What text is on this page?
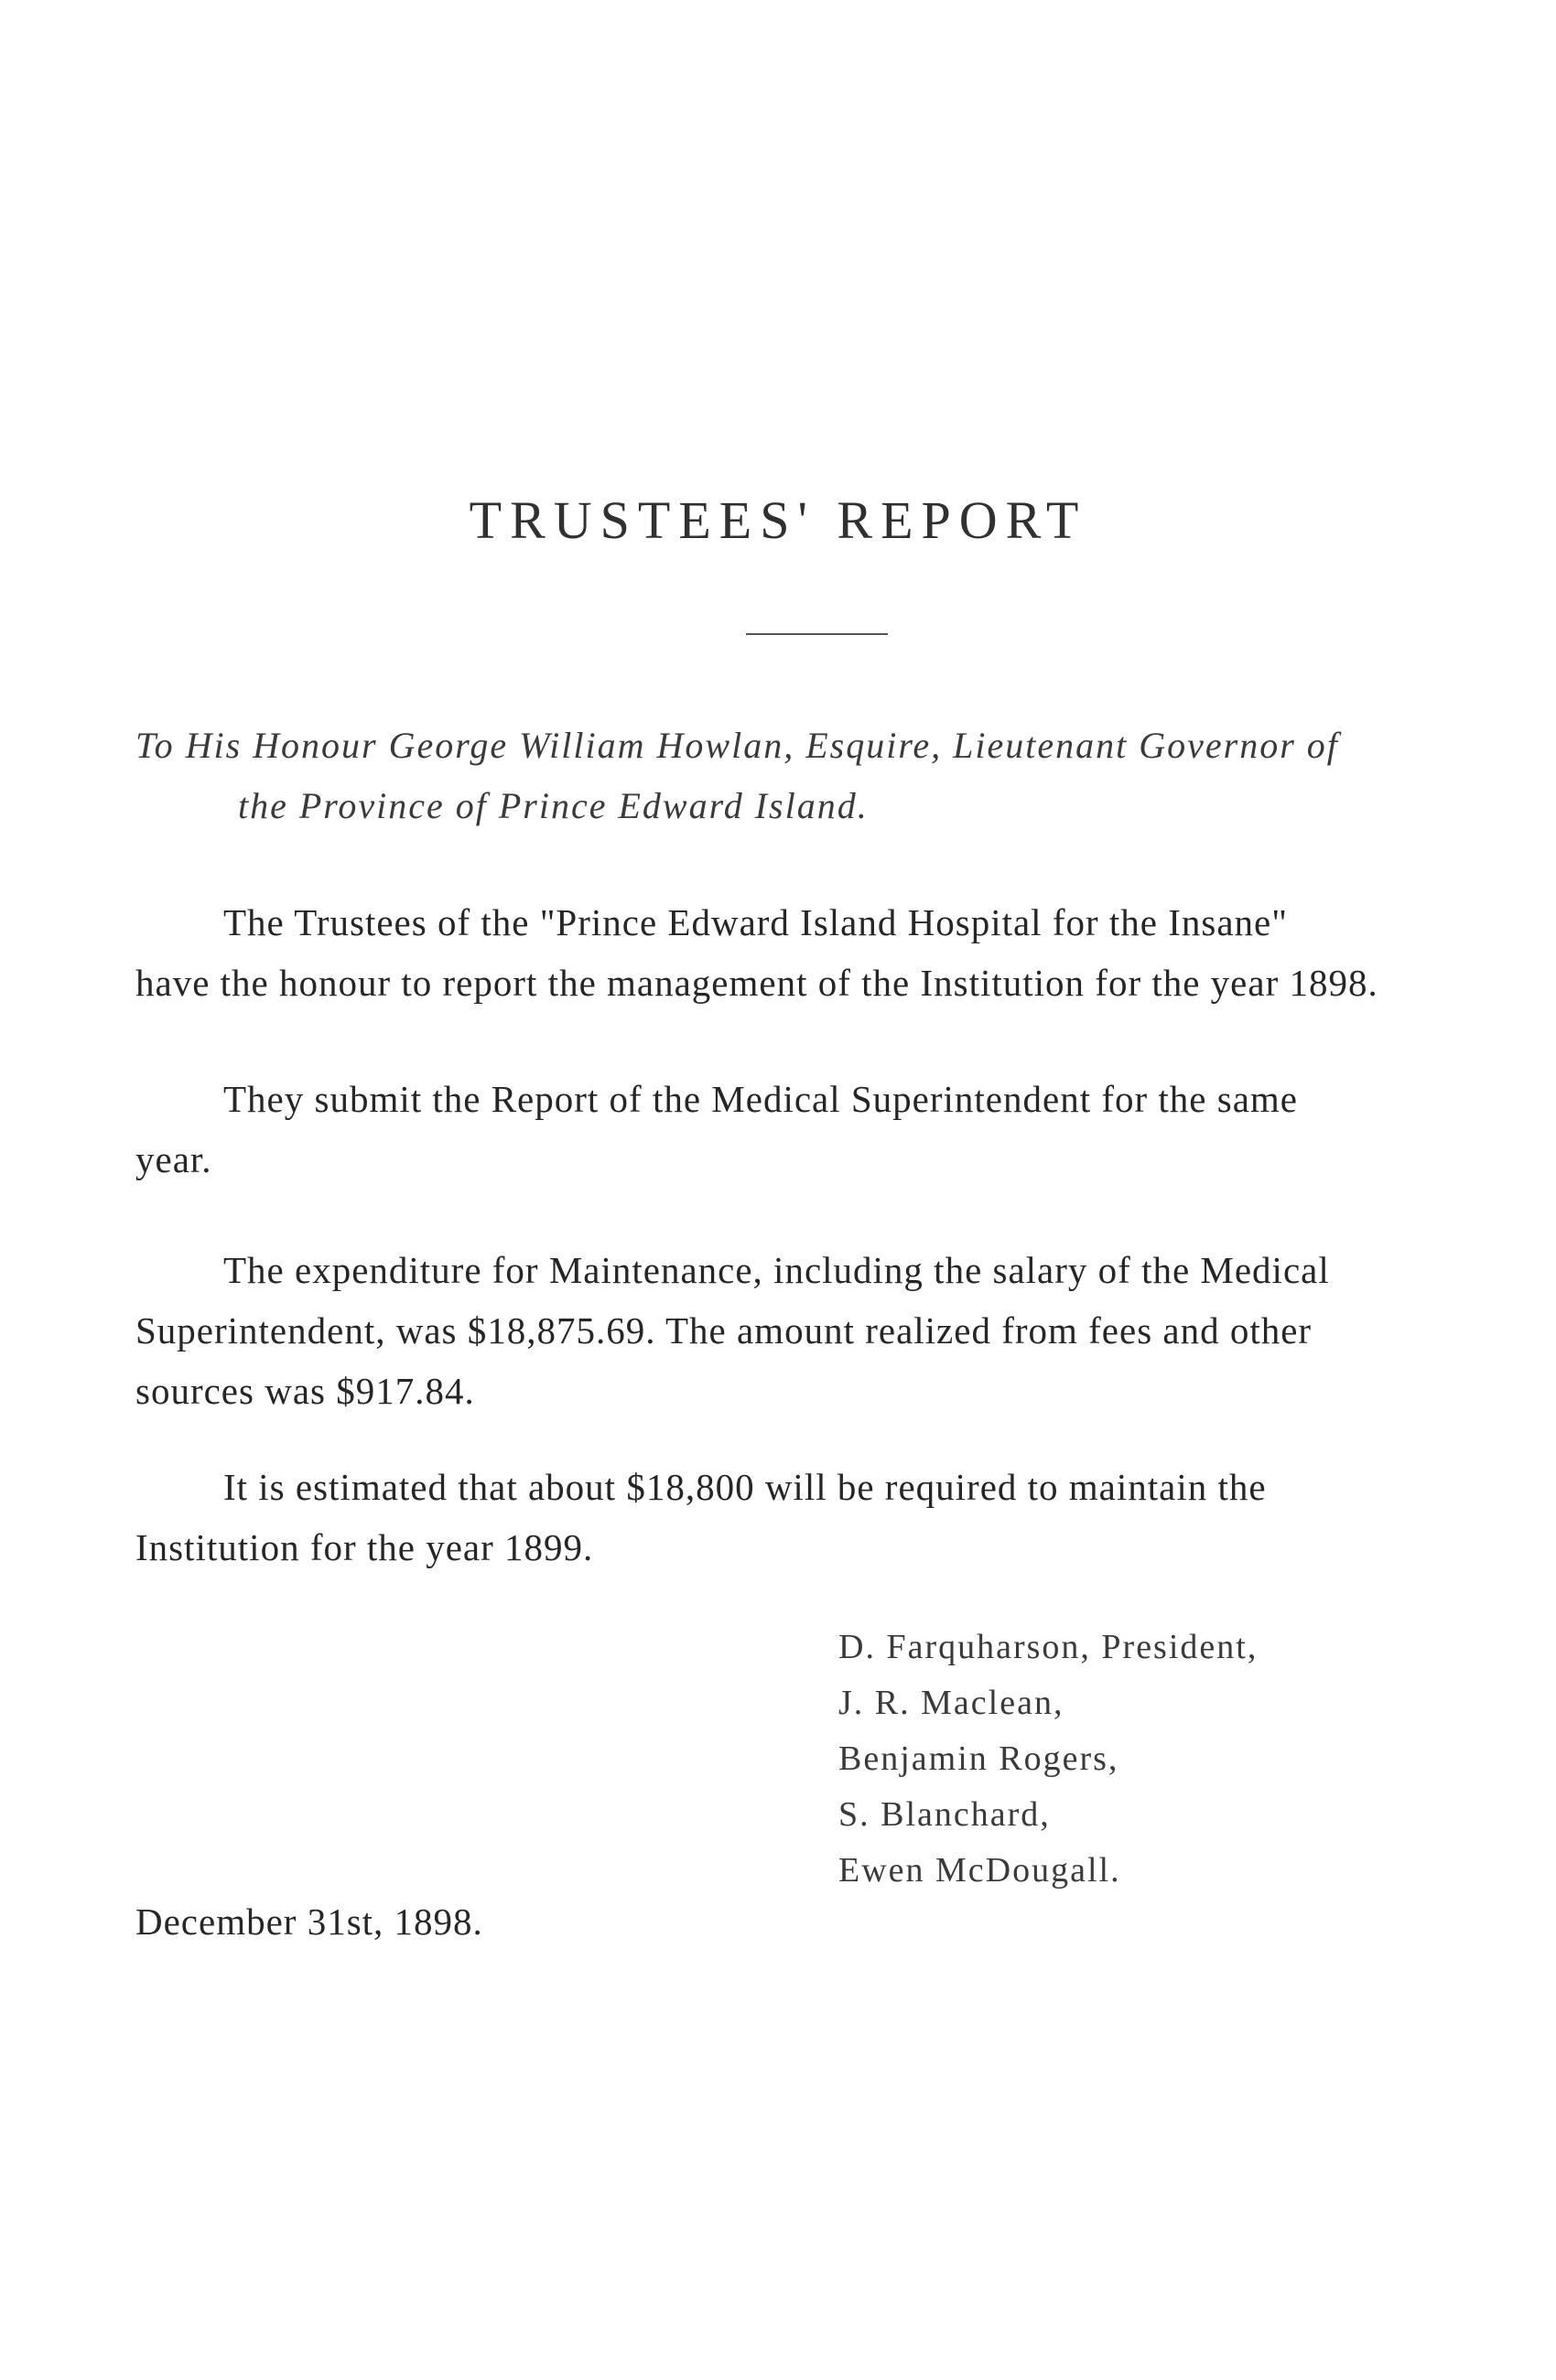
TRUSTEES' REPORT
To His Honour George William Howlan, Esquire, Lieutenant Governor of
the Province of Prince Edward Island.
The Trustees of the "Prince Edward Island Hospital for the Insane"
have the honour to report the management of the Institution for the year 1898.
They submit the Report of the Medical Superintendent for the same
year.
The expenditure for Maintenance, including the salary of the Medical
Superintendent, was $18,875.69. The amount realized from fees and other
sources was $917.84.
It is estimated that about $18,800 will be required to maintain the
Institution for the year 1899.
D. Farquharson, President,
J. R. Maclean,
Benjamin Rogers,
S. Blanchard,
Ewen McDougall.
December 31st, 1898.
